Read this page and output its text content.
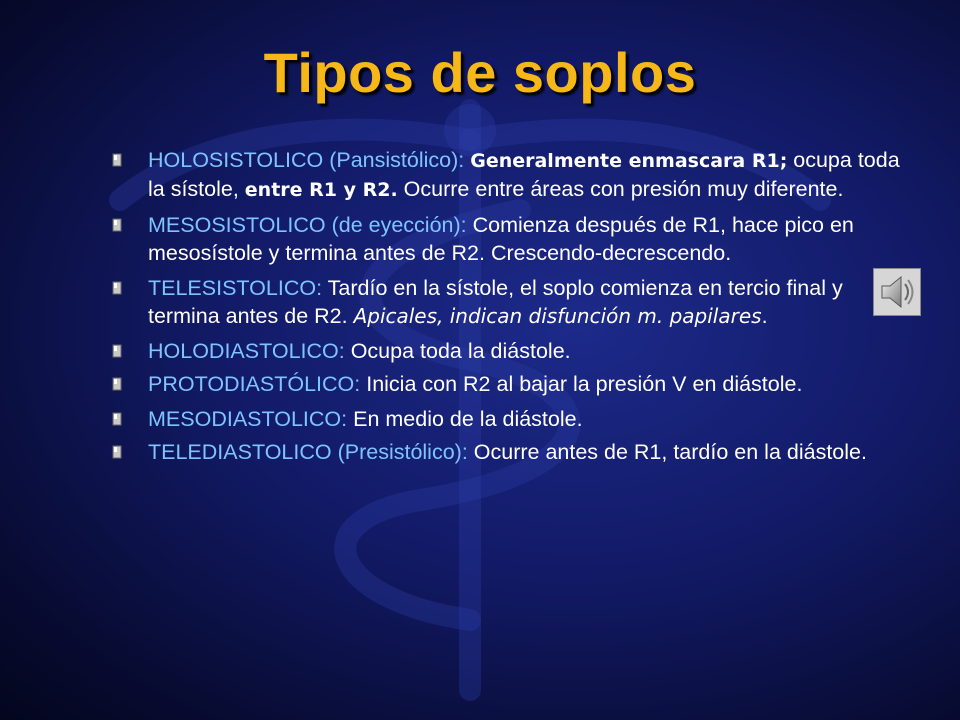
Tipos de soplos
HOLOSISTOLICO (Pansistólico): Generalmente enmascara R1; ocupa toda la sístole, entre R1 y R2. Ocurre entre áreas con presión muy diferente.
MESOSISTOLICO (de eyección): Comienza después de R1, hace pico en mesosístole y termina antes de R2. Crescendo-decrescendo.
TELESISTOLICO: Tardío en la sístole, el soplo comienza en tercio final y termina antes de R2. Apicales, indican disfunción m. papilares.
HOLODIASTOLICO: Ocupa toda la diástole.
PROTODIASTÓLICO: Inicia con R2 al bajar la presión V en diástole.
MESODIASTOLICO: En medio de la diástole.
TELEDIASTOLICO (Presistólico): Ocurre antes de R1, tardío en la diástole.
